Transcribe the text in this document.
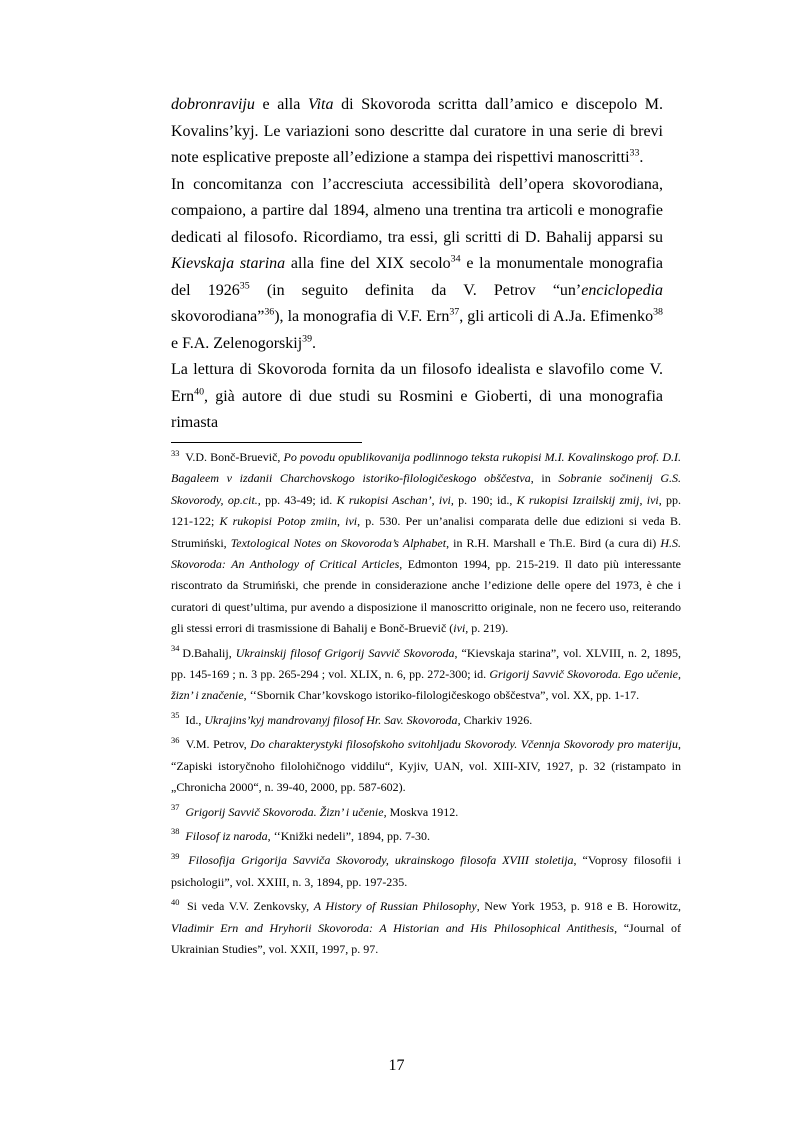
dobronraviju e alla Vita di Skovoroda scritta dall’amico e discepolo M. Kovalins’kyj. Le variazioni sono descritte dal curatore in una serie di brevi note esplicative preposte all’edizione a stampa dei rispettivi manoscritti$^{33}$.

In concomitanza con l’accresciuta accessibilità dell’opera skovorodiana, compaiono, a partire dal 1894, almeno una trentina tra articoli e monografie dedicati al filosofo. Ricordiamo, tra essi, gli scritti di D. Bahalij apparsi su Kievskaja starina alla fine del XIX secolo$^{34}$ e la monumentale monografia del 1926$^{35}$ (in seguito definita da V. Petrov “un’enciclopedia skovorodiana”$^{36}$), la monografia di V.F. Ern$^{37}$, gli articoli di A.Ja. Efimenko$^{38}$ e F.A. Zelenogorskij$^{39}$.

La lettura di Skovoroda fornita da un filosofo idealista e slavofilo come V. Ern$^{40}$, già autore di due studi su Rosmini e Gioberti, di una monografia rimasta

$^{33}$ V.D. Bonč-Bruevič, Po povodu opublikovanija podlinnogo teksta rukopisi M.I. Kovalinskogo prof. D.I. Bagaleem v izdanii Charchovskogo istoriko-filologičeskogo obščestva, in Sobranie sočinenij G.S. Skovorody, op.cit., pp. 43-49; id. K rukopisi Aschan’, ivi, p. 190; id., K rukopisi Izrailskij zmij, ivi, pp. 121-122; K rukopisi Potop zmiin, ivi, p. 530. Per un’analisi comparata delle due edizioni si veda B. Strumiński, Textological Notes on Skovoroda’s Alphabet, in R.H. Marshall e Th.E. Bird (a cura di) H.S. Skovoroda: An Anthology of Critical Articles, Edmonton 1994, pp. 215-219. Il dato più interessante riscontrato da Strumiński, che prende in considerazione anche l’edizione delle opere del 1973, è che i curatori di quest’ultima, pur avendo a disposizione il manoscritto originale, non ne fecero uso, reiterando gli stessi errori di trasmissione di Bahalij e Bonč-Bruevič (ivi, p. 219).
$^{34}$ D.Bahalij, Ukrainskij filosof Grigorij Savvič Skovoroda, “Kievskaja starina”, vol. XLVIII, n. 2, 1895, pp. 145-169 ; n. 3 pp. 265-294 ; vol. XLIX, n. 6, pp. 272-300; id. Grigorij Savvič Skovoroda. Ego učenie, žizn’ i značenie, ‘‘Sbornik Char’kovskogo istoriko-filologičeskogo obščestva”, vol. XX, pp. 1-17.
$^{35}$ Id., Ukrajins’kyj mandrovanyj filosof Hr. Sav. Skovoroda, Charkiv 1926.
$^{36}$ V.M. Petrov, Do charakterystyki filosofskoho svitohljadu Skovorody. Včennja Skovorody pro materiju, “Zapiski istoryčnoho filolohičnogo viddilu“, Kyjiv, UAN, vol. XIII-XIV, 1927, p. 32 (ristampato in „Chronicha 2000“, n. 39-40, 2000, pp. 587-602).
$^{37}$ Grigorij Savvič Skovoroda. Žizn’ i učenie, Moskva 1912.
$^{38}$ Filosof iz naroda, ‘‘Knižki nedeli”, 1894, pp. 7-30.
$^{39}$ Filosofija Grigorija Savviča Skovorody, ukrainskogo filosofa XVIII stoletija, “Voprosy filosofii i psichologii”, vol. XXIII, n. 3, 1894, pp. 197-235.
$^{40}$ Si veda V.V. Zenkovsky, A History of Russian Philosophy, New York 1953, p. 918 e B. Horowitz, Vladimir Ern and Hryhorii Skovoroda: A Historian and His Philosophical Antithesis, “Journal of Ukrainian Studies”, vol. XXII, 1997, p. 97.
17
